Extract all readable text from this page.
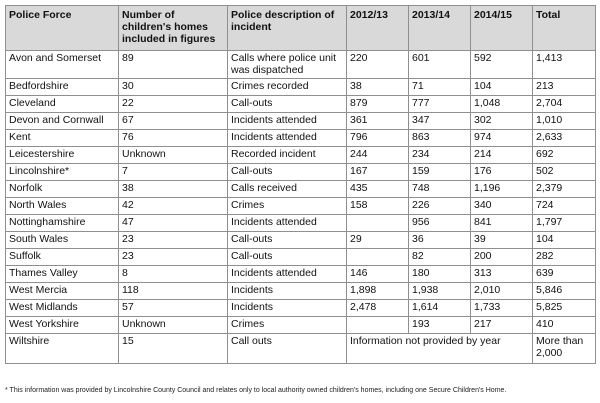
Police Force	Number of children's homes included in figures	Police description of incident	2012/13	2013/14	2014/15	Total
Avon and Somerset	89	Calls where police unit was dispatched	220	601	592	1,413
Bedfordshire	30	Crimes recorded	38	71	104	213
Cleveland	22	Call-outs	879	777	1,048	2,704
Devon and Cornwall	67	Incidents attended	361	347	302	1,010
Kent	76	Incidents attended	796	863	974	2,633
Leicestershire	Unknown	Recorded incident	244	234	214	692
Lincolnshire*	7	Call-outs	167	159	176	502
Norfolk	38	Calls received	435	748	1,196	2,379
North Wales	42	Crimes	158	226	340	724
Nottinghamshire	47	Incidents attended		956	841	1,797
South Wales	23	Call-outs	29	36	39	104
Suffolk	23	Call-outs		82	200	282
Thames Valley	8	Incidents attended	146	180	313	639
West Mercia	118	Incidents	1,898	1,938	2,010	5,846
West Midlands	57	Incidents	2,478	1,614	1,733	5,825
West Yorkshire	Unknown	Crimes		193	217	410
Wiltshire	15	Call outs	Information not provided by year			More than 2,000
* This information was provided by Lincolnshire County Council and relates only to local authority owned children's homes, including one Secure Children's Home.
